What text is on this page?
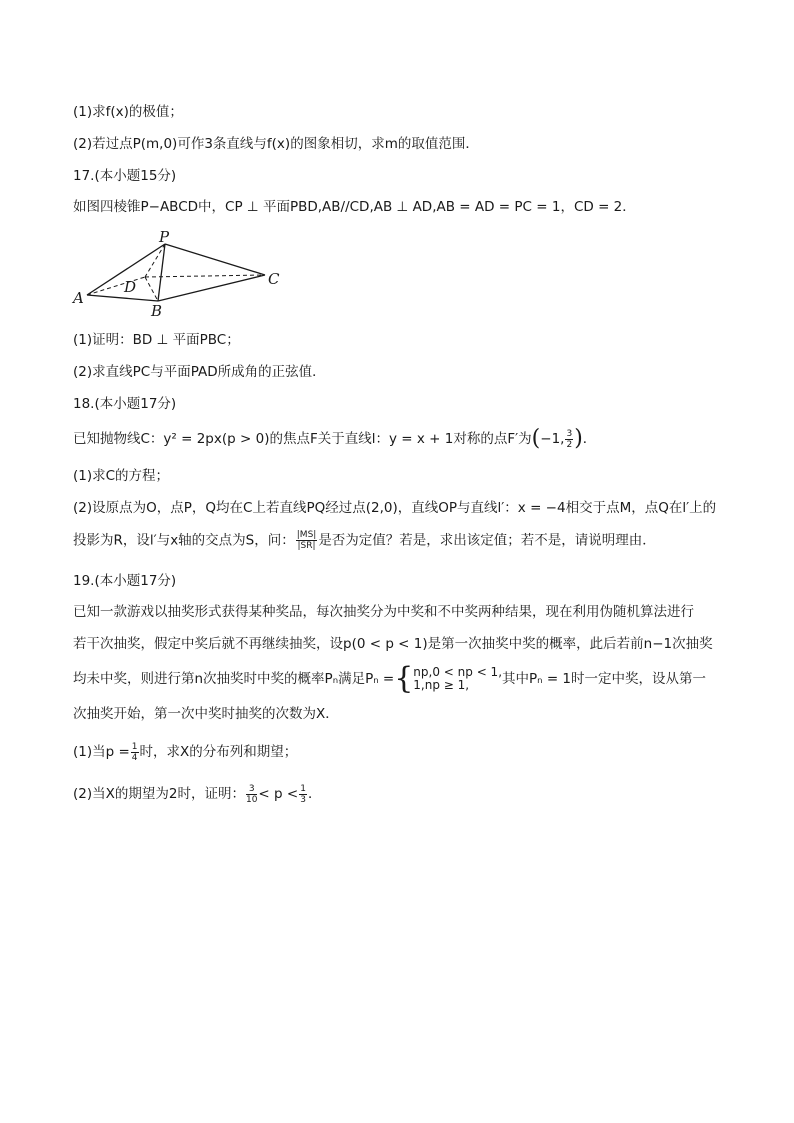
(1)求f(x)的极值；
(2)若过点P(m,0)可作3条直线与f(x)的图象相切，求m的取值范围．
17.(本小题15分)
如图四棱锥P−ABCD中，CP ⊥ 平面PBD,AB//CD,AB ⊥ AD,AB = AD = PC = 1，CD = 2．
P
A
B
C
D
(1)证明：BD ⊥ 平面PBC；
(2)求直线PC与平面PAD所成角的正弦值．
18.(本小题17分)
已知抛物线C：y² = 2px(p > 0)的焦点F关于直线l：y = x + 1对称的点F′为(−1, $\frac{3}{2}$ )．
(1)求C的方程；
(2)设原点为O，点P，Q均在C上若直线PQ经过点(2,0)，直线OP与直线l′：x = −4相交于点M，点Q在l′上的
投影为R，设l′与x轴的交点为S，问： $\frac{|MS|}{|SR|}$ 是否为定值？若是，求出该定值；若不是，请说明理由．
19.(本小题17分)
已知一款游戏以抽奖形式获得某种奖品，每次抽奖分为中奖和不中奖两种结果，现在利用伪随机算法进行
若干次抽奖，假定中奖后就不再继续抽奖，设p(0 < p < 1)是第一次抽奖中奖的概率，此后若前n−1次抽奖
均未中奖，则进行第n次抽奖时中奖的概率Pₙ满足Pₙ = { np,0 < np < 1,
1,np ≥ 1,	其中Pₙ = 1时一定中奖，设从第一
次抽奖开始，第一次中奖时抽奖的次数为X．
(1)当$p = \frac{1}{4}$ 时，求X的分布列和期望；
(2)当X的期望为2时，证明： $\frac{3}{10} < p < \frac{1}{3}$ ．
